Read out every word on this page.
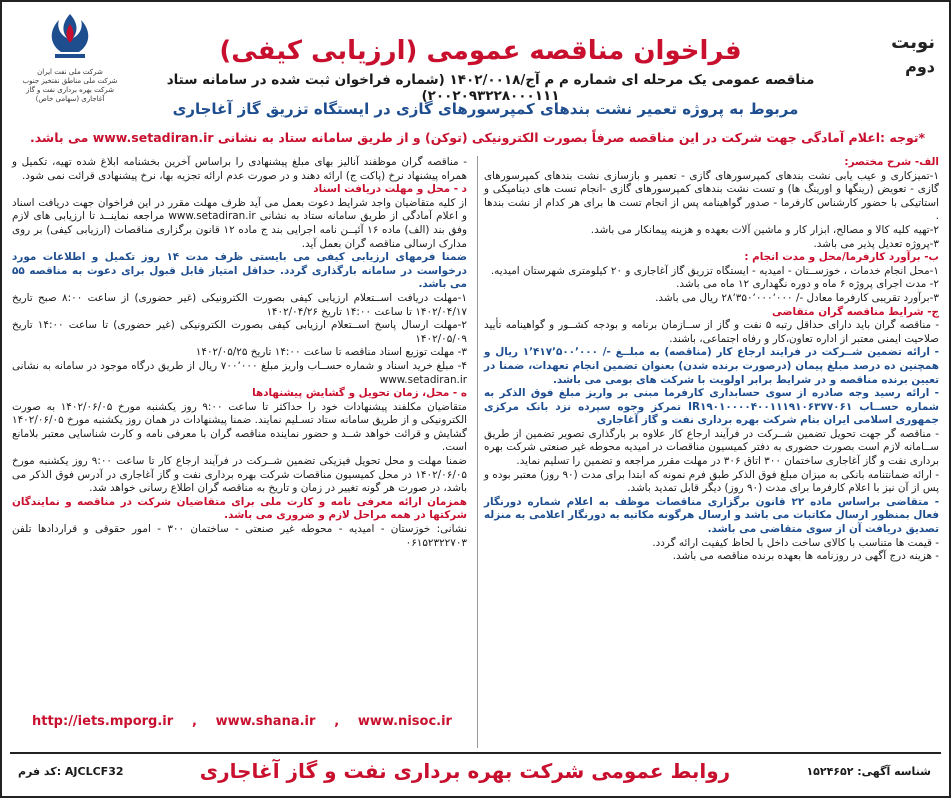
شرکت ملی نفت ایران
شرکت ملی مناطق نفتخیز جنوب
شرکت بهره برداری نفت و گاز
آغاجاری (سهامی خاص)
نوبت
دوم
فراخوان مناقصه عمومی (ارزیابی کیفی)
مناقصه عمومی یک مرحله ای شماره م م آج/۱۴۰۲/۰۰۱۸ (شماره فراخوان ثبت شده در سامانه ستاد ۲۰۰۲۰۹۳۲۲۸۰۰۰۱۱۱)
مربوط به پروژه تعمیر نشت بندهای کمپرسورهای گازی در ایستگاه تزریق گاز آغاجاری
*توجه :اعلام آمادگی جهت شرکت در این مناقصه صرفاً بصورت الکترونیکی (توکن) و از طریق سامانه ستاد به نشانی www.setadiran.ir می باشد.

الف- شرح مختصر:

۱-تمیزکاری و عیب یابی نشت بندهای کمپرسورهای گازی - تعمیر و بازسازی نشت بندهای کمپرسورهای گازی - تعویض (رینگها و اورینگ ها) و تست نشت بندهای کمپرسورهای گازی -انجام تست های دینامیکی و استاتیکی با حضور کارشناس کارفرما - صدور گواهینامه پس از انجام تست ها برای هر کدام از نشت بندها .

۲-تهیه کلیه کالا و مصالح، ابزار کار و ماشین آلات بعهده و هزینه پیمانکار می باشد.

۳-پروژه تعدیل پذیر می باشد.

ب- برآورد کارفرما/محل و مدت انجام :

۱-محل انجام خدمات ، خوزســتان - امیدیه - ایستگاه تزریق گاز آغاجاری و ۲۰ کیلومتری شهرستان امیدیه.

۲- مدت اجرای پروژه ۶ ماه و دوره نگهداری ۱۲ ماه می باشد.

۳-برآورد تقریبی کارفرما معادل -/ ۲۸٬۳۵۰٬۰۰۰٬۰۰۰ ریال می باشد.

ج- شرایط مناقصه گران متقاضی

- مناقصه گران باید دارای حداقل رتبه ۵ نفت و گاز از ســازمان برنامه و بودجه کشــور و گواهینامه تأیید صلاحیت ایمنی معتبر از اداره تعاون،کار و رفاه اجتماعی، باشند.

- ارائه تضمین شــرکت در فرایند ارجاع کار (مناقصه) به مبلــغ -/ ۱٬۴۱۷٬۵۰۰٬۰۰۰ ریال و همچنین ده درصد مبلغ پیمان (درصورت برنده شدن) بعنوان تضمین انجام تعهدات، ضمنا در تعیین برنده مناقصه و در شرایط برابر اولویت با شرکت های بومی می باشد.

- ارائه رسید وجه صادره از سوی حسابداری کارفرما مبنی بر واریز مبلغ فوق الذکر به شماره حســاب IR۱۹۰۱۰۰۰۰۴۰۰۱۱۱۹۱۰۶۳۷۷۰۶۱ تمرکز وجوه سپرده نزد بانک مرکزی جمهوری اسلامی ایران بنام شرکت بهره برداری نفت و گاز آغاجاری

- مناقصه گر جهت تحویل تضمین شــرکت در فرآیند ارجاع کار علاوه بر بارگذاری تصویر تضمین از طریق ســامانه لازم است بصورت حضوری به دفتر کمیسیون مناقصات در امیدیه محوطه غیر صنعتی شرکت بهره برداری نفت و گاز آغاجاری ساختمان ۳۰۰ اتاق ۳۰۶ در مهلت مقرر مراجعه و تضمین را تسلیم نماید.

- ارائه ضمانتنامه بانکی به میزان مبلغ فوق الذکر طبق فرم نمونه که ابتدا برای مدت (۹۰ روز) معتبر بوده و پس از آن نیز با اعلام کارفرما برای مدت (۹۰ روز) دیگر قابل تمدید باشد.

- متقاضی براساس ماده ۲۲ قانون برگزاری مناقصات موظف به اعلام شماره دورنگار فعال بمنظور ارسال مکاتبات می باشد و ارسال هرگونه مکاتبه به دورنگار اعلامی به منزله تصدیق دریافت آن از سوی متقاضی می باشد.

- قیمت ها متناسب با کالای ساخت داخل با لحاظ کیفیت ارائه گردد.

- هزینه درج آگهی در روزنامه ها بعهده برنده مناقصه می باشد.

- مناقصه گران موظفند آنالیز بهای مبلغ پیشنهادی را براساس آخرین بخشنامه ابلاغ شده تهیه، تکمیل و همراه پیشنهاد نرخ (پاکت ج) ارائه دهند و در صورت عدم ارائه تجزیه بها، نرخ پیشنهادی قرائت نمی شود.

د - محل و مهلت دریافت اسناد

از کلیه متقاضیان واجد شرایط دعوت بعمل می آید ظرف مهلت مقرر در این فراخوان جهت دریافت اسناد و اعلام آمادگی از طریق سامانه ستاد به نشانی www.setadiran.ir مراجعه نماینــد تا ارزیابی های لازم وفق بند (الف) ماده ۱۶ آئیــن نامه اجرایی بند ج ماده ۱۲ قانون برگزاری مناقصات (ارزیابی کیفی) بر روی مدارک ارسالی مناقصه گران بعمل آید.

ضمنا فرمهای ارزیابی کیفی می بایستی ظرف مدت ۱۴ روز تکمیل و اطلاعات مورد درخواست در سامانه بارگذاری گردد. حداقل امتیاز قابل قبول برای دعوت به مناقصه ۵۵ می باشد.

۱-مهلت دریافت اســتعلام ارزیابی کیفی بصورت الکترونیکی (غیر حضوری) از ساعت ۸:۰۰ صبح تاریخ ۱۴۰۲/۰۴/۱۷ تا ساعت ۱۴:۰۰ تاریخ ۱۴۰۲/۰۴/۲۶

۲-مهلت ارسال پاسخ اســتعلام ارزیابی کیفی بصورت الکترونیکی (غیر حضوری) تا ساعت ۱۴:۰۰ تاریخ ۱۴۰۲/۰۵/۰۹

۳- مهلت توزیع اسناد مناقصه تا ساعت ۱۴:۰۰ تاریخ ۱۴۰۲/۰۵/۲۵

۴- مبلغ خرید اسناد و شماره حســاب واریز مبلغ ۷۰۰٬۰۰۰ ریال از طریق درگاه موجود در سامانه به نشانی www.setadiran.ir

ه - محل، زمان تحویل و گشایش پیشنهادها

متقاضیان مکلفند پیشنهادات خود را حداکثر تا ساعت ۹:۰۰ روز یکشنبه مورخ ۱۴۰۲/۰۶/۰۵ به صورت الکترونیکی و از طریق سامانه ستاد تسـلیم نمایند. ضمنا پیشنهادات در همان روز یکشنبه مورخ ۱۴۰۲/۰۶/۰۵ گشایش و قرائت خواهد شــد و حضور نماینده مناقصه گران با معرفی نامه و کارت شناسایی معتبر بلامانع است.

ضمنا مهلت و محل تحویل فیزیکی تضمین شــرکت در فرآیند ارجاع کار تا ساعت ۹:۰۰ روز یکشنبه مورخ ۱۴۰۲/۰۶/۰۵ در محل کمیسیون مناقصات شرکت بهره برداری نفت و گاز آغاجاری در آدرس فوق الذکر می باشد، در صورت هر گونه تغییر در زمان و تاریخ به مناقصه گران اطلاع رسانی خواهد شد.

همزمان ارائه معرفی نامه و کارت ملی برای متقاضیان شرکت در مناقصه و نمایندگان شرکتها در همه مراحل لازم و ضروری می باشد.

نشانی: خوزستان - امیدیه - محوطه غیر صنعتی - ساختمان ۳۰۰ - امور حقوقی و قراردادها تلفن ۰۶۱۵۲۳۲۲۷۰۳

http://iets.mporg.ir , www.shana.ir , www.nisoc.ir
شناسه آگهی: ۱۵۲۴۶۵۲
روابط عمومی شرکت بهره برداری نفت و گاز آغاجاری
AJCLCF32 :کد فرم
